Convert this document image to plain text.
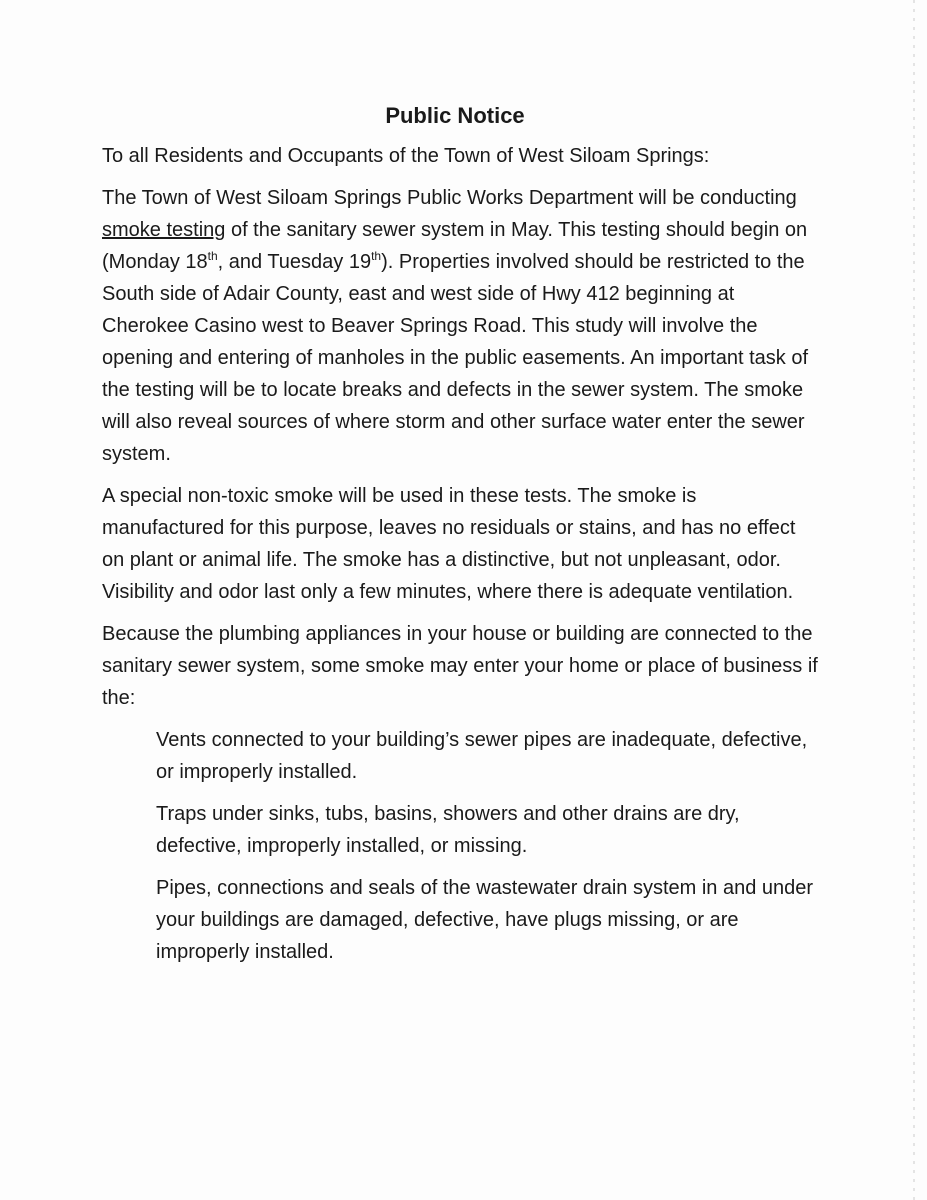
Public Notice

To all Residents and Occupants of the Town of West Siloam Springs:

The Town of West Siloam Springs Public Works Department will be conducting smoke testing of the sanitary sewer system in May. This testing should begin on (Monday 18th, and Tuesday 19th). Properties involved should be restricted to the South side of Adair County, east and west side of Hwy 412 beginning at Cherokee Casino west to Beaver Springs Road. This study will involve the opening and entering of manholes in the public easements. An important task of the testing will be to locate breaks and defects in the sewer system. The smoke will also reveal sources of where storm and other surface water enter the sewer system.

A special non-toxic smoke will be used in these tests. The smoke is manufactured for this purpose, leaves no residuals or stains, and has no effect on plant or animal life. The smoke has a distinctive, but not unpleasant, odor. Visibility and odor last only a few minutes, where there is adequate ventilation.

Because the plumbing appliances in your house or building are connected to the sanitary sewer system, some smoke may enter your home or place of business if the:

Vents connected to your building’s sewer pipes are inadequate, defective, or improperly installed.
Traps under sinks, tubs, basins, showers and other drains are dry, defective, improperly installed, or missing.
Pipes, connections and seals of the wastewater drain system in and under your buildings are damaged, defective, have plugs missing, or are improperly installed.
